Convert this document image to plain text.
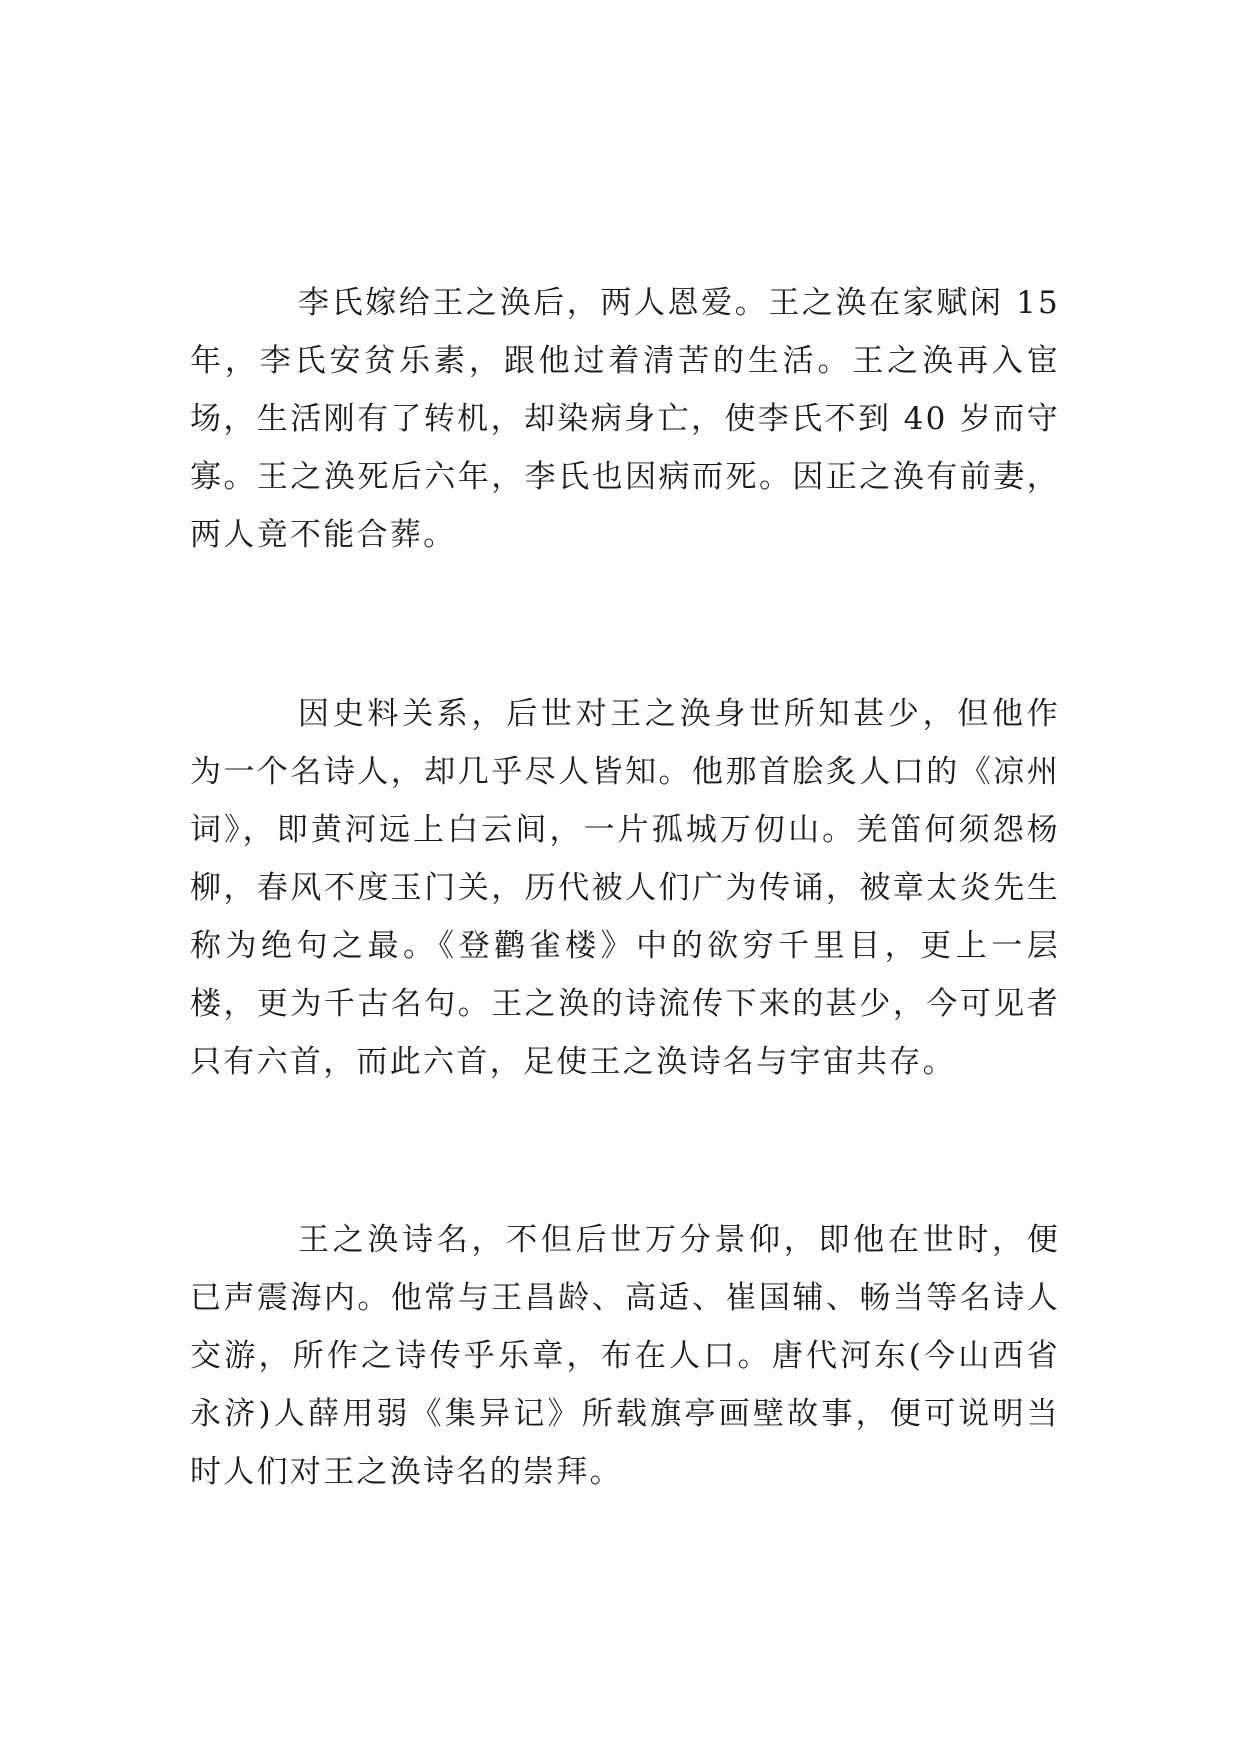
李氏嫁给王之涣后，两人恩爱。王之涣在家赋闲 15 年，李氏安贫乐素，跟他过着清苦的生活。王之涣再入宦场，生活刚有了转机，却染病身亡，使李氏不到 40 岁而守寡。王之涣死后六年，李氏也因病而死。因正之涣有前妻，两人竟不能合葬。

因史料关系，后世对王之涣身世所知甚少，但他作为一个名诗人，却几乎尽人皆知。他那首脍炙人口的《凉州词》，即黄河远上白云间，一片孤城万仞山。羌笛何须怨杨柳，春风不度玉门关，历代被人们广为传诵，被章太炎先生称为绝句之最。《登鹳雀楼》中的欲穷千里目，更上一层楼，更为千古名句。王之涣的诗流传下来的甚少，今可见者只有六首，而此六首，足使王之涣诗名与宇宙共存。

王之涣诗名，不但后世万分景仰，即他在世时，便已声震海内。他常与王昌龄、高适、崔国辅、畅当等名诗人交游，所作之诗传乎乐章，布在人口。唐代河东(今山西省永济)人薛用弱《集异记》所载旗亭画壁故事，便可说明当时人们对王之涣诗名的崇拜。
